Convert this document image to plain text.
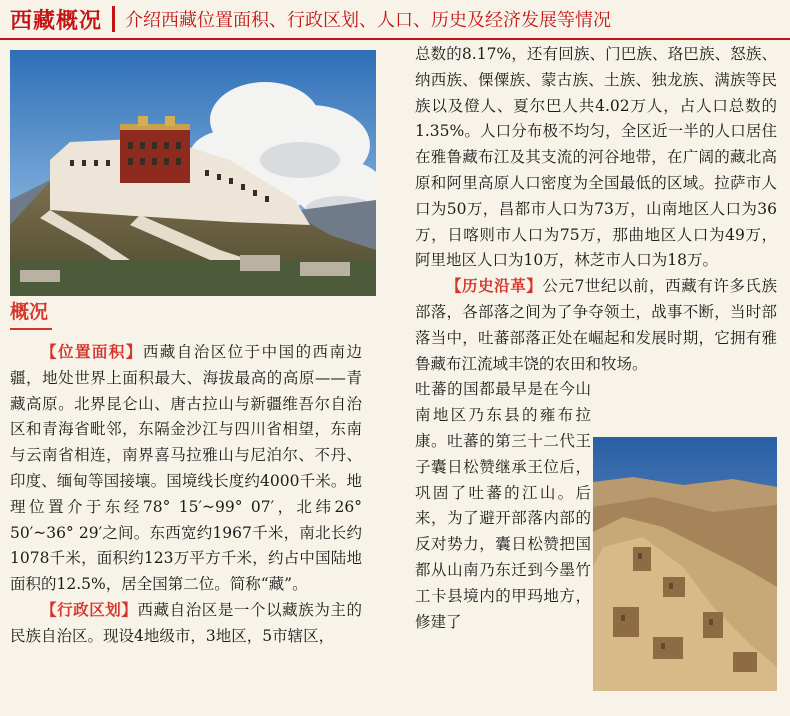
西藏概况 介绍西藏位置面积、行政区划、人口、历史及经济发展等情况
概况

【位置面积】西藏自治区位于中国的西南边疆，地处世界上面积最大、海拔最高的高原——青藏高原。北界昆仑山、唐古拉山与新疆维吾尔自治区和青海省毗邻，东隔金沙江与四川省相望，东南与云南省相连，南界喜马拉雅山与尼泊尔、不丹、印度、缅甸等国接壤。国境线长度约4000千米。地理位置介于东经78° 15′~99° 07′，北纬26° 50′~36° 29′之间。东西宽约1967千米，南北长约1078千米，面积约123万平方千米，约占中国陆地面积的12.5%，居全国第二位。简称“藏”。

【行政区划】西藏自治区是一个以藏族为主的民族自治区。现设4地级市，3地区，5市辖区，

总数的8.17%，还有回族、门巴族、珞巴族、怒族、纳西族、傈僳族、蒙古族、土族、独龙族、满族等民族以及僜人、夏尔巴人共4.02万人，占人口总数的1.35%。人口分布极不均匀，全区近一半的人口居住在雅鲁藏布江及其支流的河谷地带，在广阔的藏北高原和阿里高原人口密度为全国最低的区域。拉萨市人口为50万，昌都市人口为73万，山南地区人口为36万，日喀则市人口为75万，那曲地区人口为49万，阿里地区人口为10万，林芝市人口为18万。

【历史沿革】公元7世纪以前，西藏有许多氏族部落，各部落之间为了争夺领土，战事不断，当时部落当中，吐蕃部落正处在崛起和发展时期，它拥有雅鲁藏布江流域丰饶的农田和牧场。

吐蕃的国都最早是在今山南地区乃东县的雍布拉康。吐蕃的第三十二代王子囊日松赞继承王位后，巩固了吐蕃的江山。后来，为了避开部落内部的反对势力，囊日松赞把国都从山南乃东迁到今墨竹工卡县境内的甲玛地方，修建了
